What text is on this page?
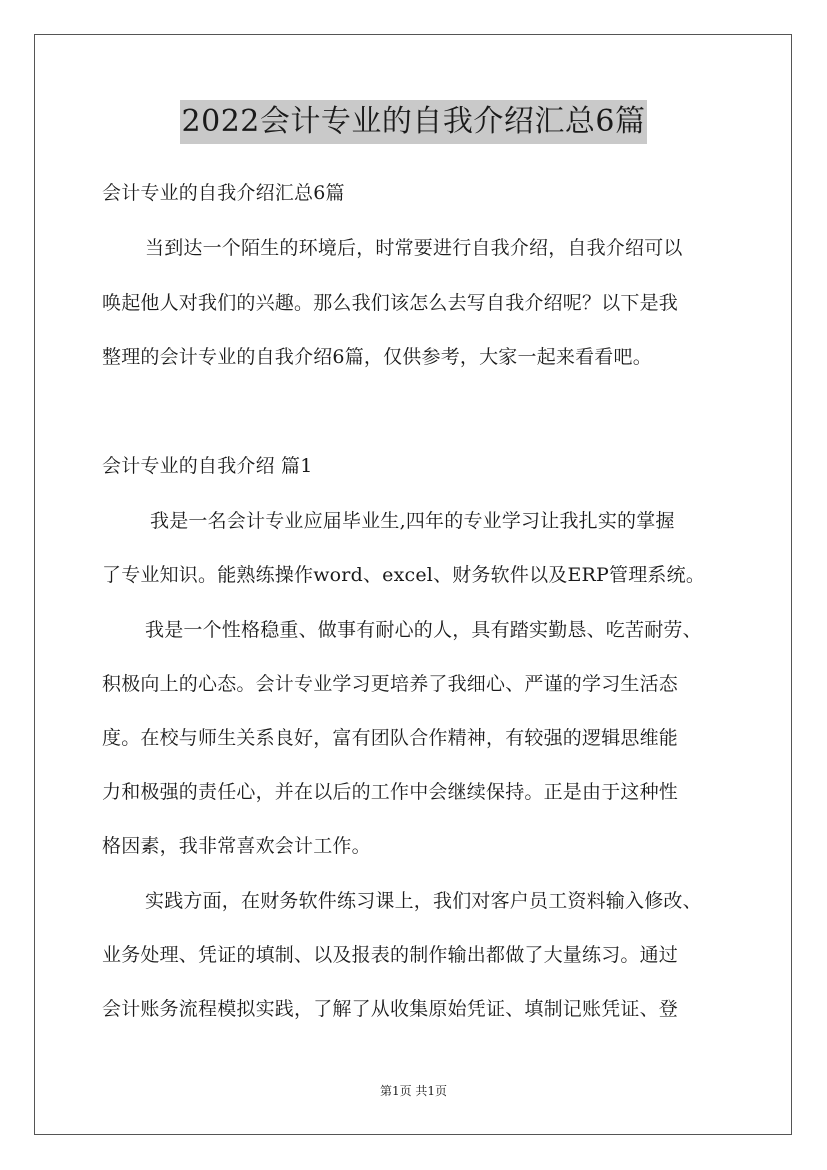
2022会计专业的自我介绍汇总6篇
会计专业的自我介绍汇总6篇
当到达一个陌生的环境后，时常要进行自我介绍，自我介绍可以
唤起他人对我们的兴趣。那么我们该怎么去写自我介绍呢？以下是我
整理的会计专业的自我介绍6篇，仅供参考，大家一起来看看吧。
会计专业的自我介绍 篇1
我是一名会计专业应届毕业生,四年的专业学习让我扎实的掌握
了专业知识。能熟练操作word、excel、财务软件以及ERP管理系统。
我是一个性格稳重、做事有耐心的人，具有踏实勤恳、吃苦耐劳、
积极向上的心态。会计专业学习更培养了我细心、严谨的学习生活态
度。在校与师生关系良好，富有团队合作精神，有较强的逻辑思维能
力和极强的责任心，并在以后的工作中会继续保持。正是由于这种性
格因素，我非常喜欢会计工作。
实践方面，在财务软件练习课上，我们对客户员工资料输入修改、
业务处理、凭证的填制、以及报表的制作输出都做了大量练习。通过
会计账务流程模拟实践，了解了从收集原始凭证、填制记账凭证、登
第1页 共1页
